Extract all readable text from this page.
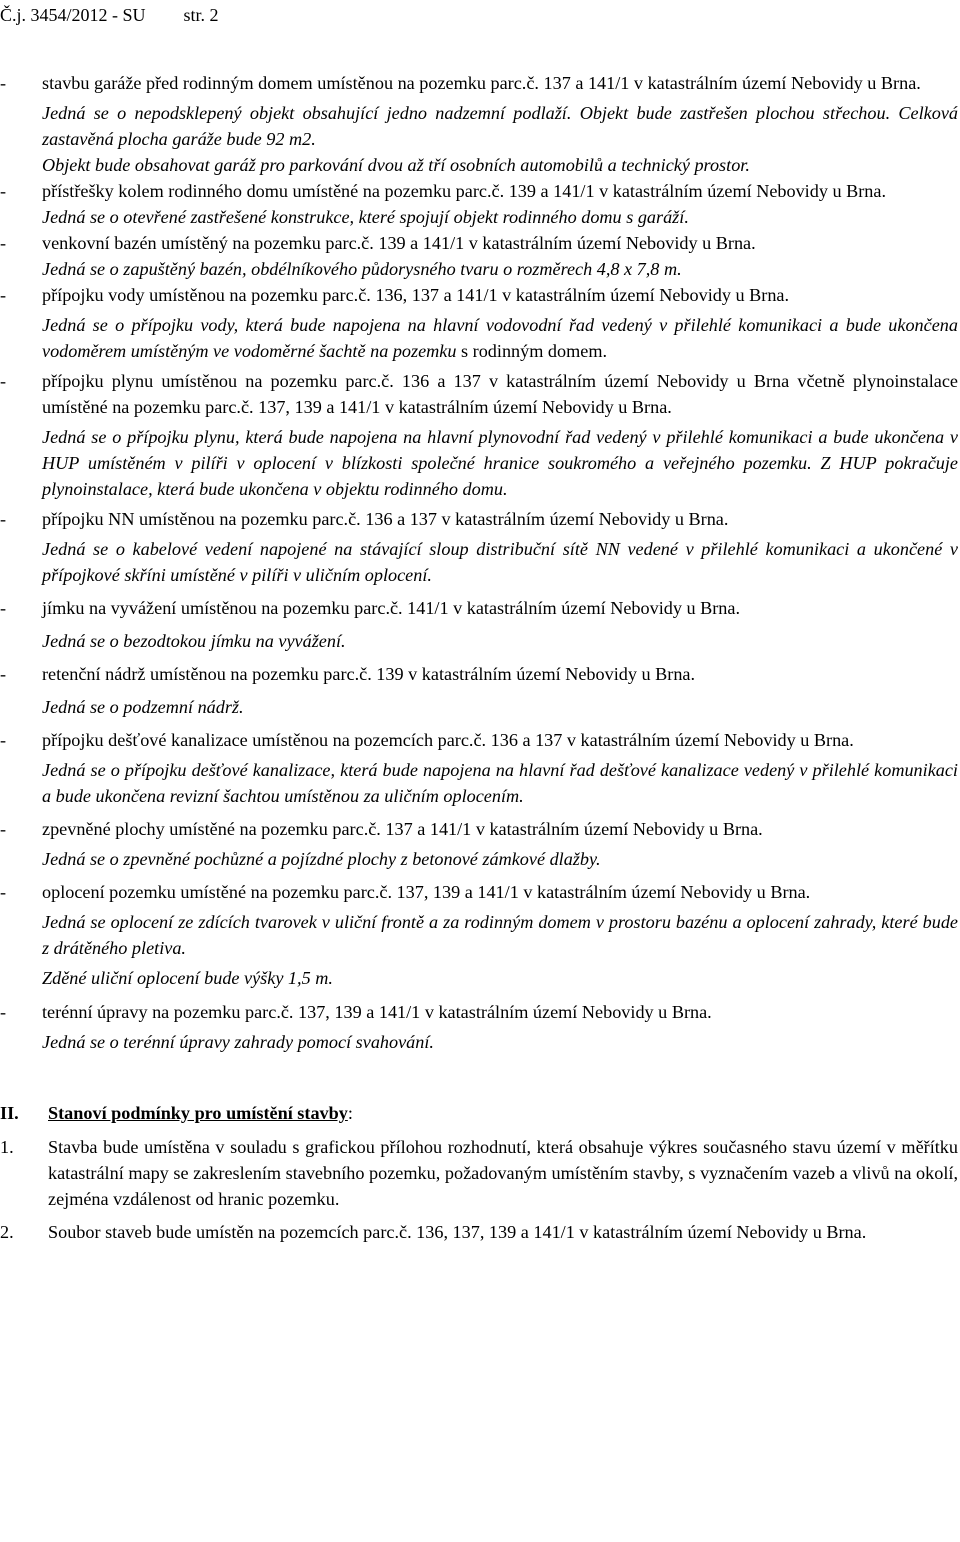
Č.j. 3454/2012 - SU str. 2
- stavbu garáže před rodinným domem umístěnou na pozemku parc.č. 137 a 141/1 v katastrálním území Nebovidy u Brna.

Jedná se o nepodsklepený objekt obsahující jedno nadzemní podlaží. Objekt bude zastřešen plochou střechou. Celková zastavěná plocha garáže bude 92 m2.

Objekt bude obsahovat garáž pro parkování dvou až tří osobních automobilů a technický prostor.

- přístřešky kolem rodinného domu umístěné na pozemku parc.č. 139 a 141/1 v katastrálním území Nebovidy u Brna.

Jedná se o otevřené zastřešené konstrukce, které spojují objekt rodinného domu s garáží.

- venkovní bazén umístěný na pozemku parc.č. 139 a 141/1 v katastrálním území Nebovidy u Brna.

Jedná se o zapuštěný bazén, obdélníkového půdorysného tvaru o rozměrech 4,8 x 7,8 m.

- přípojku vody umístěnou na pozemku parc.č. 136, 137 a 141/1 v katastrálním území Nebovidy u Brna.

Jedná se o přípojku vody, která bude napojena na hlavní vodovodní řad vedený v přilehlé komunikaci a bude ukončena vodoměrem umístěným ve vodoměrné šachtě na pozemku s rodinným domem.

- přípojku plynu umístěnou na pozemku parc.č. 136 a 137 v katastrálním území Nebovidy u Brna včetně plynoinstalace umístěné na pozemku parc.č. 137, 139 a 141/1 v katastrálním území Nebovidy u Brna.

Jedná se o přípojku plynu, která bude napojena na hlavní plynovodní řad vedený v přilehlé komunikaci a bude ukončena v HUP umístěném v pilíři v oplocení v blízkosti společné hranice soukromého a veřejného pozemku. Z HUP pokračuje plynoinstalace, která bude ukončena v objektu rodinného domu.

- přípojku NN umístěnou na pozemku parc.č. 136 a 137 v katastrálním území Nebovidy u Brna.

Jedná se o kabelové vedení napojené na stávající sloup distribuční sítě NN vedené v přilehlé komunikaci a ukončené v přípojkové skříni umístěné v pilíři v uličním oplocení.

- jímku na vyvážení umístěnou na pozemku parc.č. 141/1 v katastrálním území Nebovidy u Brna.

Jedná se o bezodtokou jímku na vyvážení.

- retenční nádrž umístěnou na pozemku parc.č. 139 v katastrálním území Nebovidy u Brna.

Jedná se o podzemní nádrž.

- přípojku dešťové kanalizace umístěnou na pozemcích parc.č. 136 a 137 v katastrálním území Nebovidy u Brna.

Jedná se o přípojku dešťové kanalizace, která bude napojena na hlavní řad dešťové kanalizace vedený v přilehlé komunikaci a bude ukončena revizní šachtou umístěnou za uličním oplocením.

- zpevněné plochy umístěné na pozemku parc.č. 137 a 141/1 v katastrálním území Nebovidy u Brna.

Jedná se o zpevněné pochůzné a pojízdné plochy z betonové zámkové dlažby.

- oplocení pozemku umístěné na pozemku parc.č. 137, 139 a 141/1 v katastrálním území Nebovidy u Brna.

Jedná se oplocení ze zdících tvarovek v uliční frontě a za rodinným domem v prostoru bazénu a oplocení zahrady, které bude z drátěného pletiva.

Zděné uliční oplocení bude výšky 1,5 m.

- terénní úpravy na pozemku parc.č. 137, 139 a 141/1 v katastrálním území Nebovidy u Brna.

Jedná se o terénní úpravy zahrady pomocí svahování.

II. Stanoví podmínky pro umístění stavby:
1. Stavba bude umístěna v souladu s grafickou přílohou rozhodnutí, která obsahuje výkres současného stavu území v měřítku katastrální mapy se zakreslením stavebního pozemku, požadovaným umístěním stavby, s vyznačením vazeb a vlivů na okolí, zejména vzdálenost od hranic pozemku.

2. Soubor staveb bude umístěn na pozemcích parc.č. 136, 137, 139 a 141/1 v katastrálním území Nebovidy u Brna.
